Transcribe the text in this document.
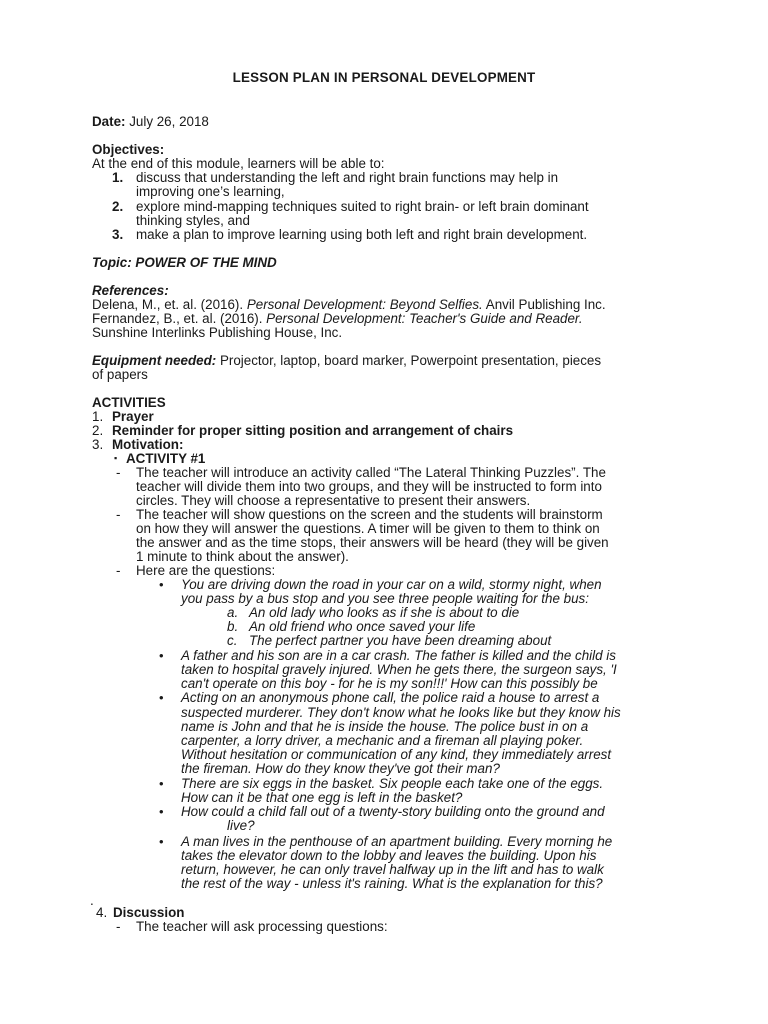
LESSON PLAN IN PERSONAL DEVELOPMENT
Date: July 26, 2018
Objectives:
At the end of this module, learners will be able to:
1. discuss that understanding the left and right brain functions may help in
improving one’s learning,
2. explore mind-mapping techniques suited to right brain- or left brain dominant
thinking styles, and
3. make a plan to improve learning using both left and right brain development.
Topic: POWER OF THE MIND
References:
Delena, M., et. al. (2016). Personal Development: Beyond Selfies. Anvil Publishing Inc.
Fernandez, B., et. al. (2016). Personal Development: Teacher's Guide and Reader.
Sunshine Interlinks Publishing House, Inc.
Equipment needed: Projector, laptop, board marker, Powerpoint presentation, pieces
of papers
ACTIVITIES
1. Prayer
2. Reminder for proper sitting position and arrangement of chairs
3. Motivation:
▪ ACTIVITY #1
- The teacher will introduce an activity called “The Lateral Thinking Puzzles”. The
teacher will divide them into two groups, and they will be instructed to form into
circles. They will choose a representative to present their answers.
- The teacher will show questions on the screen and the students will brainstorm
on how they will answer the questions. A timer will be given to them to think on
the answer and as the time stops, their answers will be heard (they will be given
1 minute to think about the answer).
- Here are the questions:
• You are driving down the road in your car on a wild, stormy night, when
you pass by a bus stop and you see three people waiting for the bus:
a. An old lady who looks as if she is about to die
b. An old friend who once saved your life
c. The perfect partner you have been dreaming about
• A father and his son are in a car crash. The father is killed and the child is
taken to hospital gravely injured. When he gets there, the surgeon says, 'I
can't operate on this boy - for he is my son!!!' How can this possibly be
• Acting on an anonymous phone call, the police raid a house to arrest a
suspected murderer. They don't know what he looks like but they know his
name is John and that he is inside the house. The police bust in on a
carpenter, a lorry driver, a mechanic and a fireman all playing poker.
Without hesitation or communication of any kind, they immediately arrest
the fireman. How do they know they've got their man?
• There are six eggs in the basket. Six people each take one of the eggs.
How can it be that one egg is left in the basket?
• How could a child fall out of a twenty-story building onto the ground and
live?
• A man lives in the penthouse of an apartment building. Every morning he
takes the elevator down to the lobby and leaves the building. Upon his
return, however, he can only travel halfway up in the lift and has to walk
the rest of the way - unless it's raining. What is the explanation for this?
.
4. Discussion
- The teacher will ask processing questions:
